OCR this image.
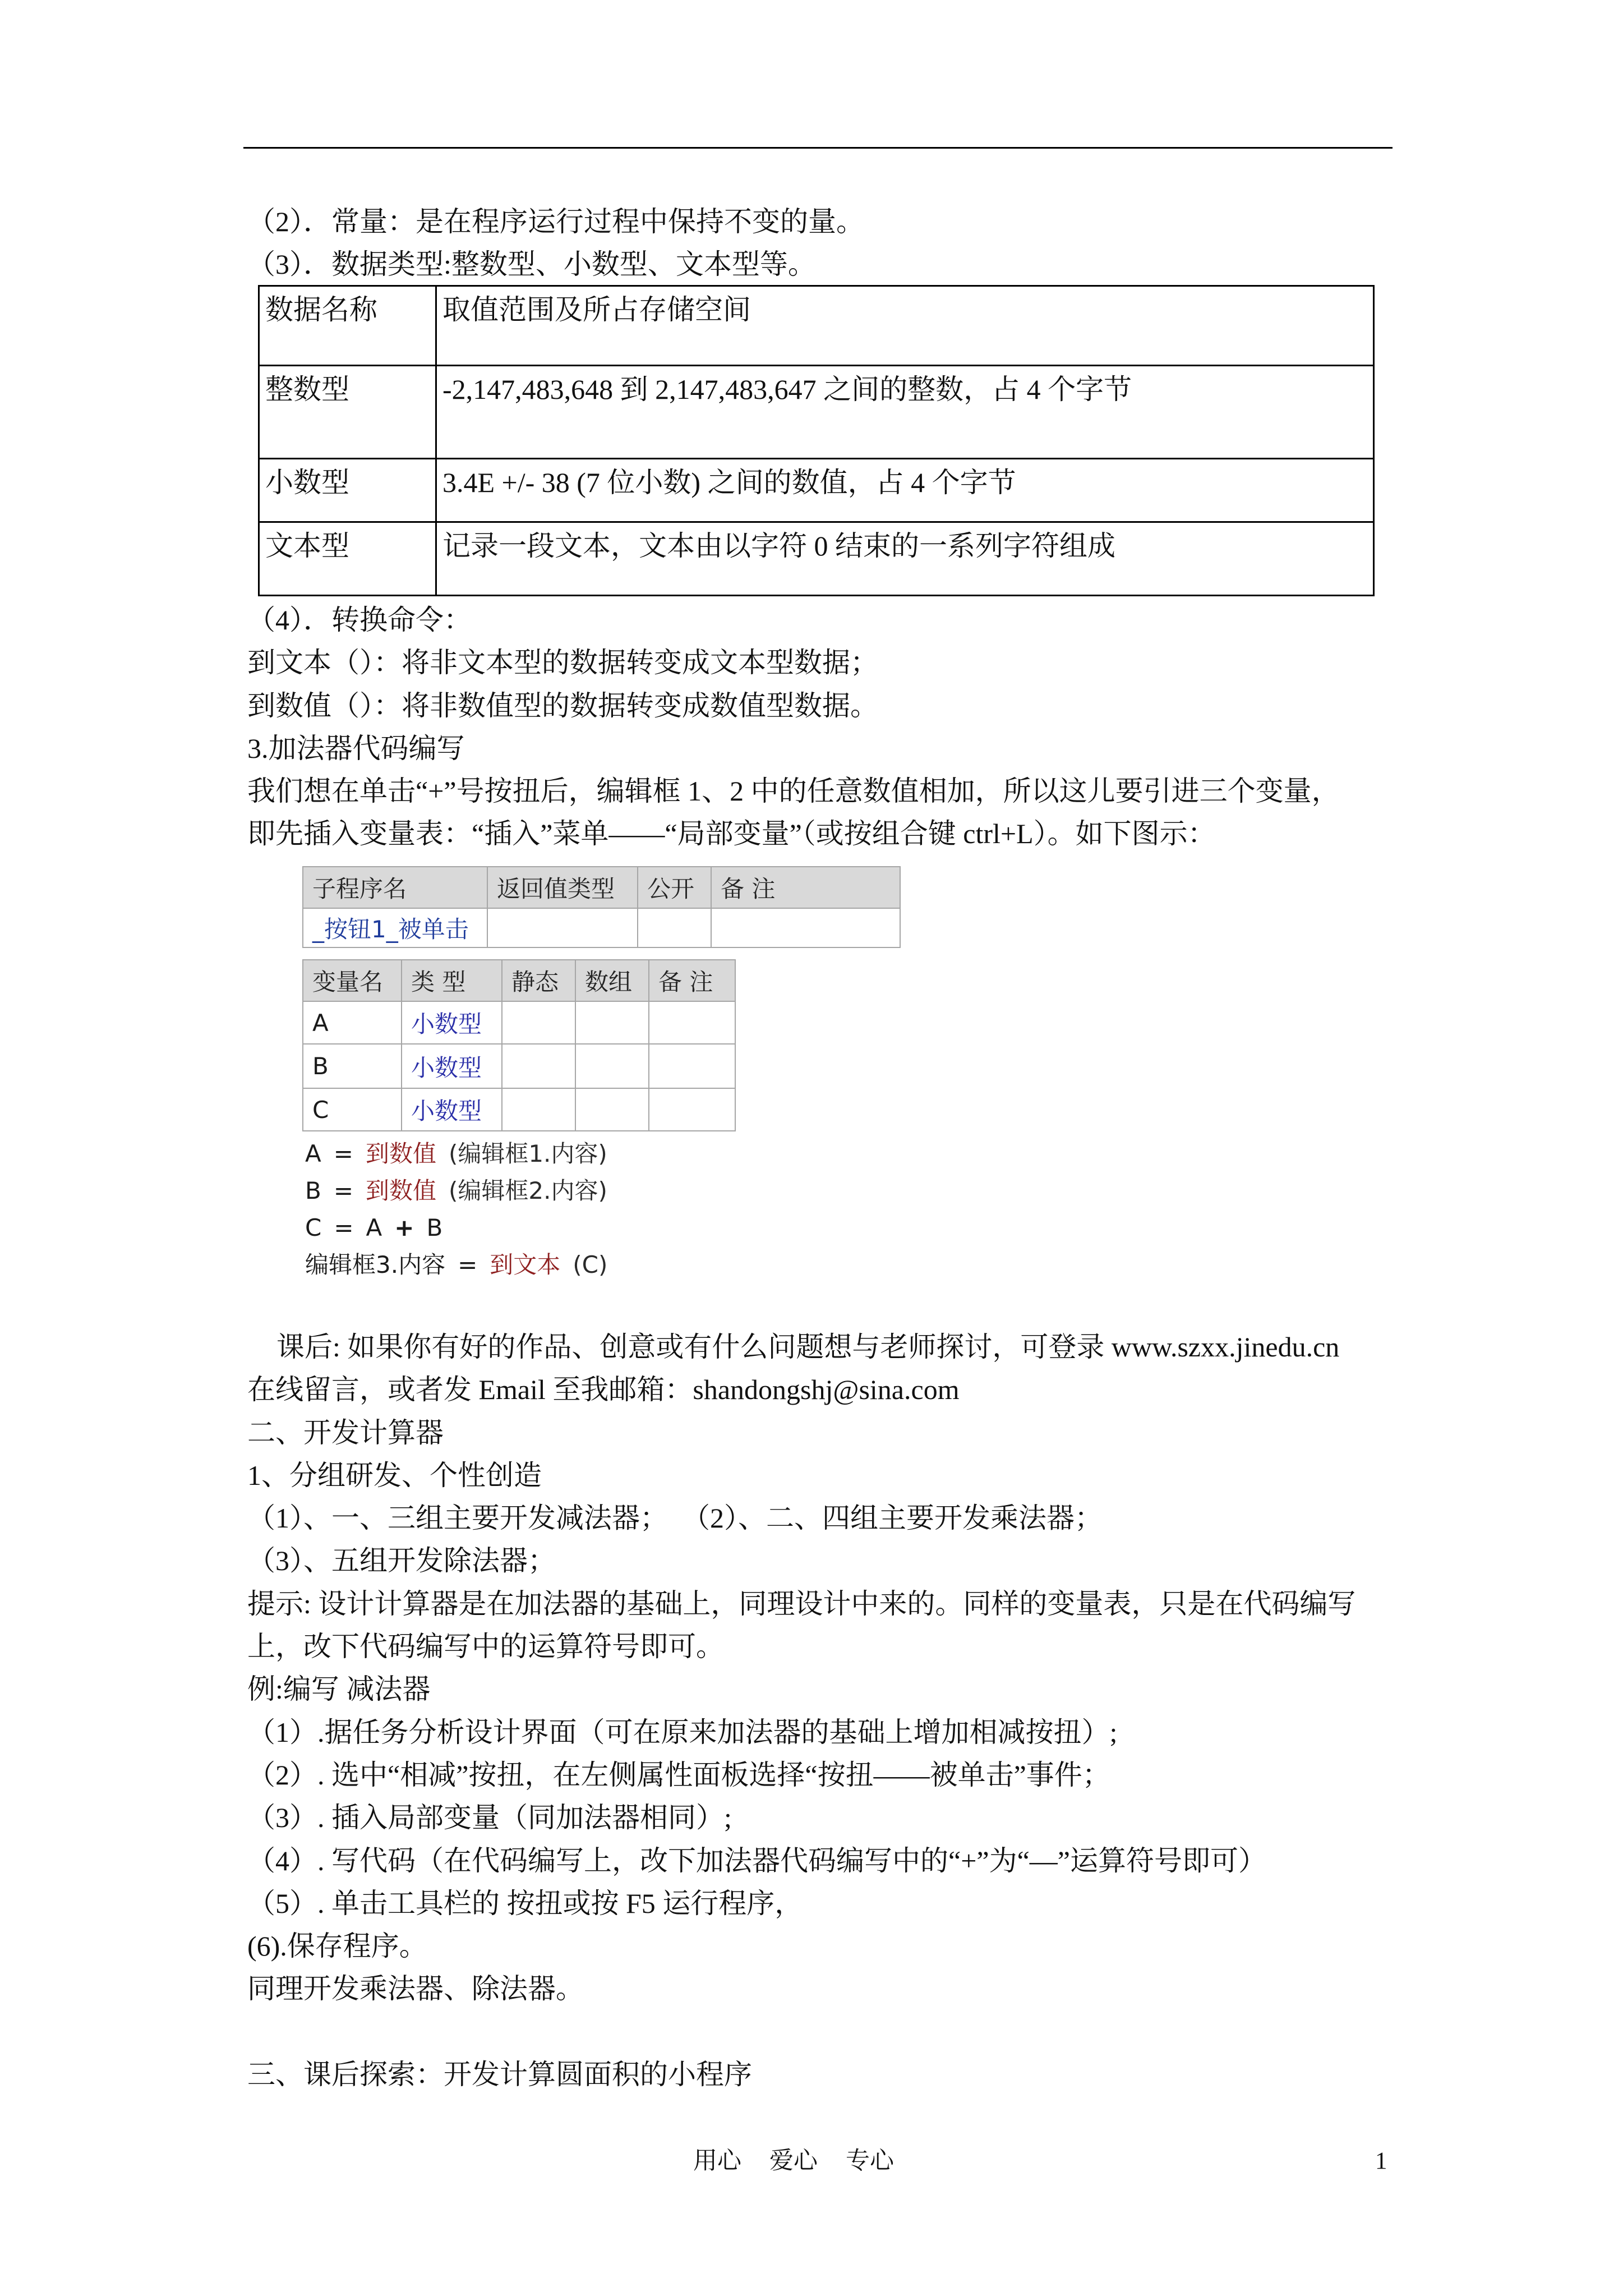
（2）．常量：是在程序运行过程中保持不变的量。
（3）．数据类型:整数型、小数型、文本型等。
数据名称	取值范围及所占存储空间
整数型	-2,147,483,648 到 2,147,483,647 之间的整数，占 4 个字节
小数型	3.4E +/- 38 (7 位小数) 之间的数值，占 4 个字节
文本型	记录一段文本，文本由以字符 0 结束的一系列字符组成
（4）．转换命令：
到文本（）：将非文本型的数据转变成文本型数据；
到数值（）：将非数值型的数据转变成数值型数据。
3.加法器代码编写
我们想在单击“+”号按扭后，编辑框 1、2 中的任意数值相加，所以这儿要引进三个变量，
即先插入变量表：“插入”菜单——“局部变量”（或按组合键 ctrl+L）。如下图示：
子程序名	返回值类型	公开	备 注
_按钮1_被单击			
变量名	类 型	静态	数组	备 注
A	小数型			
B	小数型			
C	小数型			
A = 到数值 (编辑框1.内容)
B = 到数值 (编辑框2.内容)
C = A + B
编辑框3.内容 = 到文本 (C)
课后: 如果你有好的作品、创意或有什么问题想与老师探讨，可登录 www.szxx.jinedu.cn
在线留言，或者发 Email 至我邮箱：shandongshj@sina.com
二、开发计算器
1、分组研发、个性创造
（1）、一、三组主要开发减法器；  （2）、二、四组主要开发乘法器；
（3）、五组开发除法器；
提示: 设计计算器是在加法器的基础上，同理设计中来的。同样的变量表，只是在代码编写
上，改下代码编写中的运算符号即可。
例:编写 减法器
（1）.据任务分析设计界面（可在原来加法器的基础上增加相减按扭）;
（2）. 选中“相减”按扭，在左侧属性面板选择“按扭——被单击”事件；
（3）. 插入局部变量（同加法器相同）;
（4）. 写代码（在代码编写上，改下加法器代码编写中的“+”为“—”运算符号即可）
（5）. 单击工具栏的 按扭或按 F5 运行程序，
(6).保存程序。
同理开发乘法器、除法器。
三、课后探索：开发计算圆面积的小程序
用心 爱心 专心	1
